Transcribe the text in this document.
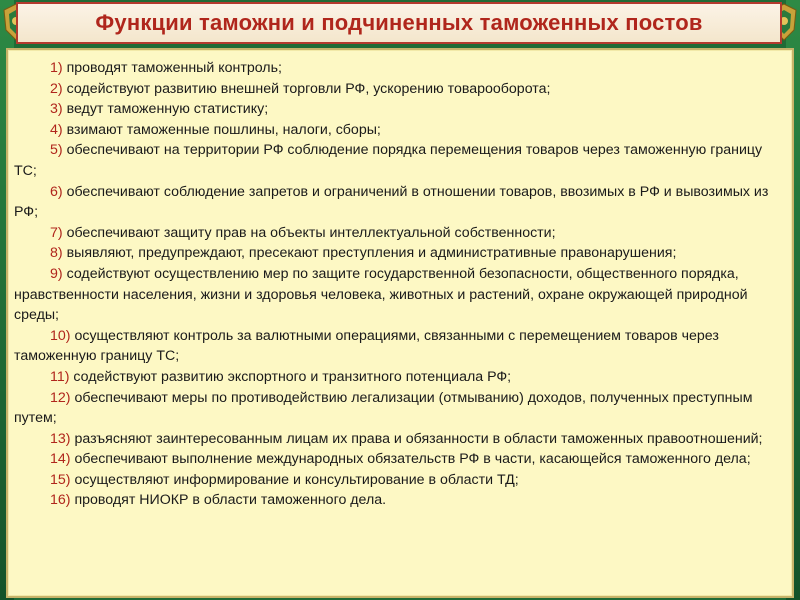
Функции таможни и подчиненных таможенных постов
1) проводят таможенный контроль;
2) содействуют развитию внешней торговли РФ, ускорению товарооборота;
3) ведут таможенную статистику;
4) взимают таможенные пошлины, налоги, сборы;
5) обеспечивают на территории РФ соблюдение порядка перемещения товаров через таможенную границу ТС;
6) обеспечивают соблюдение запретов и ограничений в отношении товаров, ввозимых в РФ и вывозимых из РФ;
7) обеспечивают защиту прав на объекты интеллектуальной собственности;
8) выявляют, предупреждают, пресекают преступления и административные правонарушения;
9) содействуют осуществлению мер по защите государственной безопасности, общественного порядка, нравственности населения, жизни и здоровья человека, животных и растений, охране окружающей природной среды;
10) осуществляют контроль за валютными операциями, связанными с перемещением товаров через таможенную границу ТС;
11) содействуют развитию экспортного и транзитного потенциала РФ;
12) обеспечивают меры по противодействию легализации (отмыванию) доходов, полученных преступным путем;
13) разъясняют заинтересованным лицам их права и обязанности в области таможенных правоотношений;
14) обеспечивают выполнение международных обязательств РФ в части, касающейся таможенного дела;
15) осуществляют информирование и консультирование в области ТД;
16) проводят НИОКР в области таможенного дела.
